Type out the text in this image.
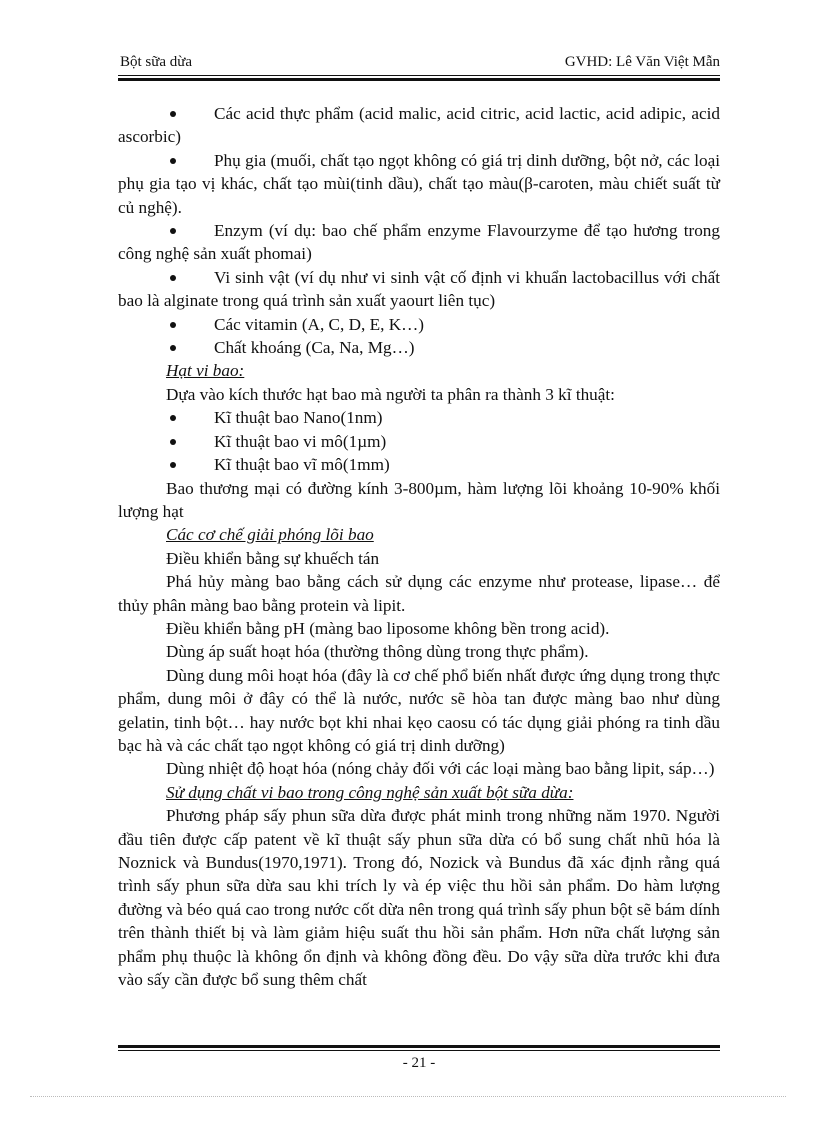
Bột sữa dừa	GVHD: Lê Văn Việt Mẫn

Các acid thực phẩm (acid malic, acid citric, acid lactic, acid adipic, acid ascorbic)

Phụ gia (muối, chất tạo ngọt không có giá trị dinh dưỡng, bột nở, các loại phụ gia tạo vị khác, chất tạo mùi(tinh dầu), chất tạo màu(β-caroten, màu chiết suất từ củ nghệ).

Enzym (ví dụ: bao chế phẩm enzyme Flavourzyme để tạo hương trong công nghệ sản xuất phomai)

Vi sinh vật (ví dụ như vi sinh vật cố định vi khuẩn lactobacillus với chất bao là alginate trong quá trình sản xuất yaourt liên tục)

Các vitamin (A, C, D, E, K…)

Chất khoáng (Ca, Na, Mg…)

Hạt vi bao:

Dựa vào kích thước hạt bao mà người ta phân ra thành 3 kĩ thuật:

Kĩ thuật bao Nano(1nm)

Kĩ thuật bao vi mô(1µm)

Kĩ thuật bao vĩ mô(1mm)

Bao thương mại có đường kính 3-800µm, hàm lượng lõi khoảng 10-90% khối lượng hạt

Các cơ chế giải phóng lõi bao

Điều khiển bằng sự khuếch tán

Phá hủy màng bao bằng cách sử dụng các enzyme như protease, lipase… để thủy phân màng bao bằng protein và lipit.

Điều khiển bằng pH (màng bao liposome không bền trong acid).

Dùng áp suất hoạt hóa (thường thông dùng trong thực phẩm).

Dùng dung môi hoạt hóa (đây là cơ chế phổ biến nhất được ứng dụng trong thực phẩm, dung môi ở đây có thể là nước, nước sẽ hòa tan được màng bao như dùng gelatin, tinh bột… hay nước bọt khi nhai kẹo caosu có tác dụng giải phóng ra tinh dầu bạc hà và các chất tạo ngọt không có giá trị dinh dưỡng)

Dùng nhiệt độ hoạt hóa (nóng chảy đối với các loại màng bao bằng lipit, sáp…)

Sử dụng chất vi bao trong công nghệ sản xuất bột sữa dừa:

Phương pháp sấy phun sữa dừa được phát minh trong những năm 1970. Người đầu tiên được cấp patent về kĩ thuật sấy phun sữa dừa có bổ sung chất nhũ hóa là Noznick và Bundus(1970,1971). Trong đó, Nozick và Bundus đã xác định rằng quá trình sấy phun sữa dừa sau khi trích ly và ép việc thu hồi sản phẩm. Do hàm lượng đường và béo quá cao trong nước cốt dừa nên trong quá trình sấy phun bột sẽ bám dính trên thành thiết bị và làm giảm hiệu suất thu hồi sản phẩm. Hơn nữa chất lượng sản phẩm phụ thuộc là không ổn định và không đồng đều. Do vậy sữa dừa trước khi đưa vào sấy cần được bổ sung thêm chất

- 21 -
